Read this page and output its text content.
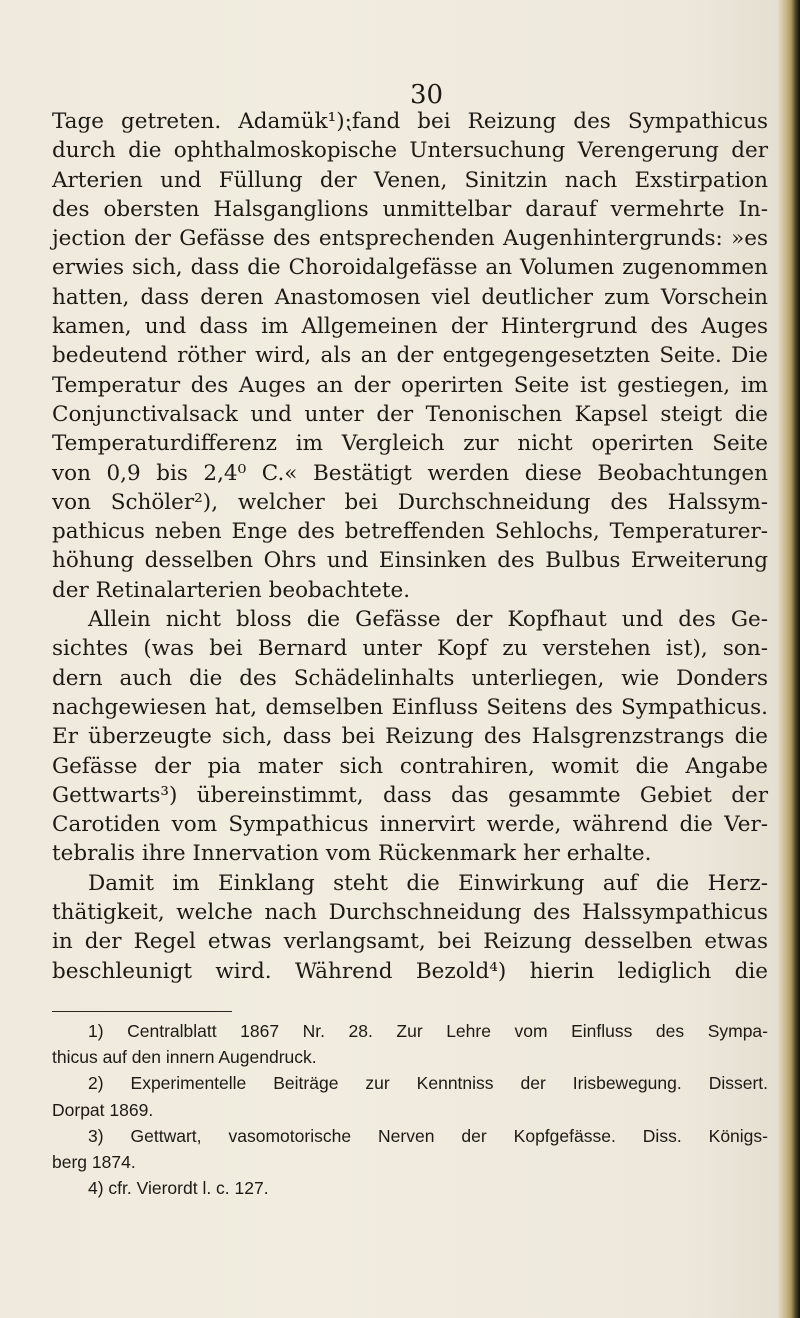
30
Tage getreten. Adamük¹)⁏fand bei Reizung des Sympathicus
durch die ophthalmoskopische Untersuchung Verengerung der
Arterien und Füllung der Venen, Sinitzin nach Exstirpation
des obersten Halsganglions unmittelbar darauf vermehrte In-
jection der Gefässe des entsprechenden Augenhintergrunds: »es
erwies sich, dass die Choroidalgefässe an Volumen zugenommen
hatten, dass deren Anastomosen viel deutlicher zum Vorschein
kamen, und dass im Allgemeinen der Hintergrund des Auges
bedeutend röther wird, als an der entgegengesetzten Seite. Die
Temperatur des Auges an der operirten Seite ist gestiegen, im
Conjunctivalsack und unter der Tenonischen Kapsel steigt die
Temperaturdifferenz im Vergleich zur nicht operirten Seite
von 0,9 bis 2,4⁰ C.« Bestätigt werden diese Beobachtungen
von Schöler²), welcher bei Durchschneidung des Halssym-
pathicus neben Enge des betreffenden Sehlochs, Temperaturer-
höhung desselben Ohrs und Einsinken des Bulbus Erweiterung
der Retinalarterien beobachtete.
Allein nicht bloss die Gefässe der Kopfhaut und des Ge-
sichtes (was bei Bernard unter Kopf zu verstehen ist), son-
dern auch die des Schädelinhalts unterliegen, wie Donders
nachgewiesen hat, demselben Einfluss Seitens des Sympathicus.
Er überzeugte sich, dass bei Reizung des Halsgrenzstrangs die
Gefässe der pia mater sich contrahiren, womit die Angabe
Gettwarts³) übereinstimmt, dass das gesammte Gebiet der
Carotiden vom Sympathicus innervirt werde, während die Ver-
tebralis ihre Innervation vom Rückenmark her erhalte.
Damit im Einklang steht die Einwirkung auf die Herz-
thätigkeit, welche nach Durchschneidung des Halssympathicus
in der Regel etwas verlangsamt, bei Reizung desselben etwas
beschleunigt wird. Während Bezold⁴) hierin lediglich die
1) Centralblatt 1867 Nr. 28. Zur Lehre vom Einfluss des Sympa-
thicus auf den innern Augendruck.
2) Experimentelle Beiträge zur Kenntniss der Irisbewegung. Dissert.
Dorpat 1869.
3) Gettwart, vasomotorische Nerven der Kopfgefässe. Diss. Königs-
berg 1874.
4) cfr. Vierordt l. c. 127.
